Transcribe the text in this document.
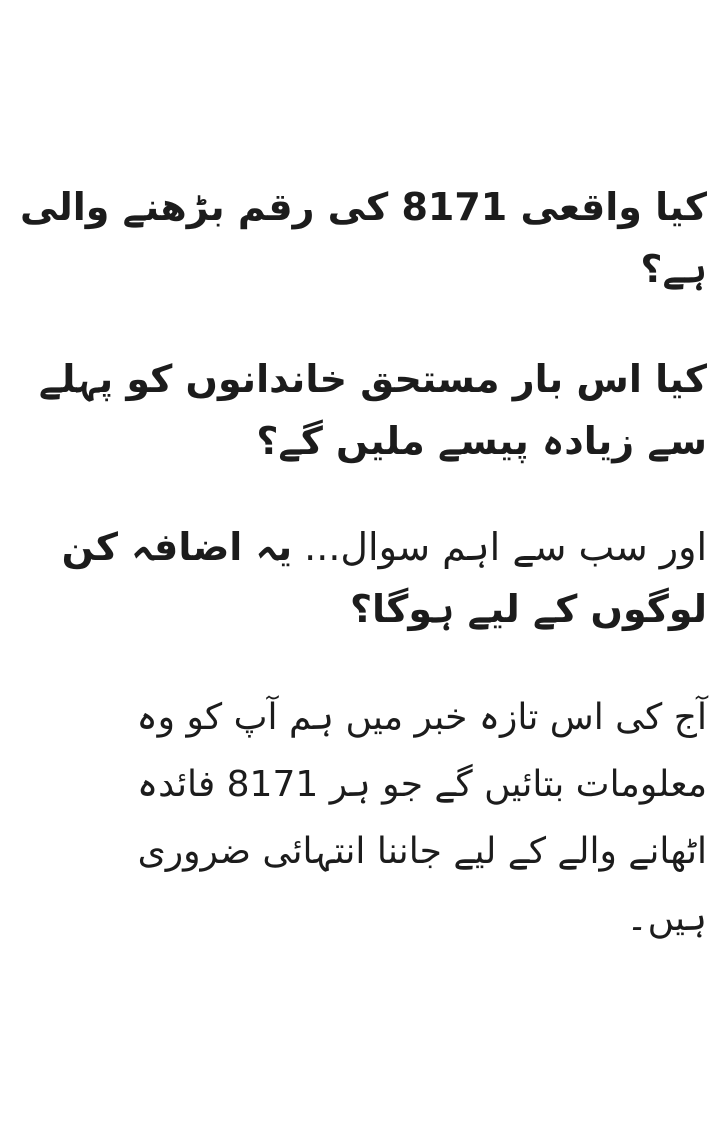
کیا واقعی 8171 کی رقم بڑھنے والی
ہے؟
کیا اس بار مستحق خاندانوں کو پہلے
سے زیادہ پیسے ملیں گے؟
اور سب سے اہم سوال... یہ اضافہ کن
لوگوں کے لیے ہوگا؟

آج کی اس تازہ خبر میں ہم آپ کو وہ
معلومات بتائیں گے جو ہر 8171 فائدہ
اٹھانے والے کے لیے جاننا انتہائی ضروری
ہیں۔
